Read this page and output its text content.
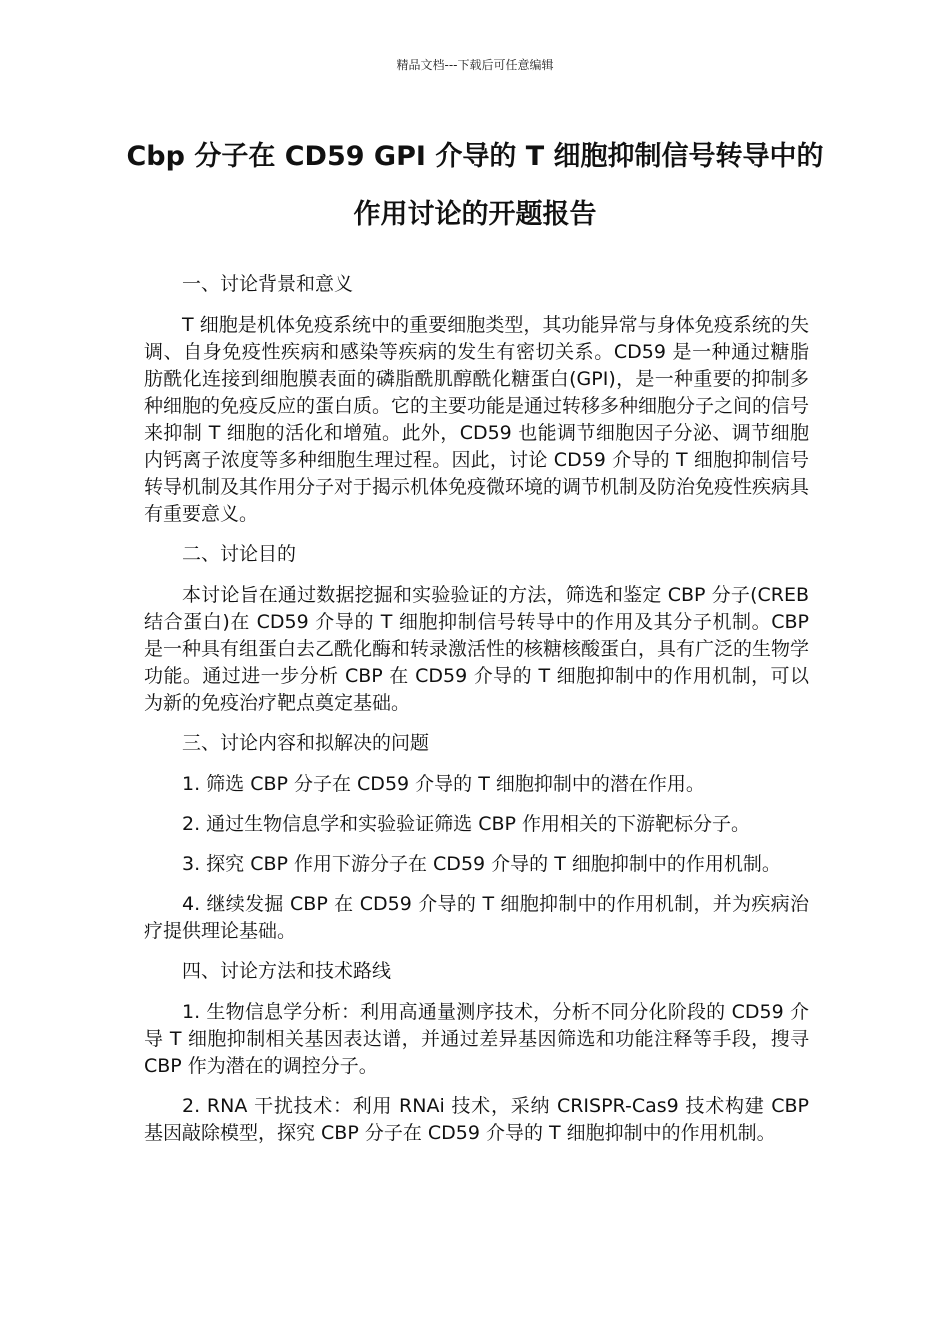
精品文档---下载后可任意编辑
Cbp 分子在 CD59 GPI 介导的 T 细胞抑制信号转导中的作用讨论的开题报告

一、讨论背景和意义

T 细胞是机体免疫系统中的重要细胞类型，其功能异常与身体免疫系统的失调、自身免疫性疾病和感染等疾病的发生有密切关系。CD59 是一种通过糖脂肪酰化连接到细胞膜表面的磷脂酰肌醇酰化糖蛋白(GPI)，是一种重要的抑制多种细胞的免疫反应的蛋白质。它的主要功能是通过转移多种细胞分子之间的信号来抑制 T 细胞的活化和增殖。此外，CD59 也能调节细胞因子分泌、调节细胞内钙离子浓度等多种细胞生理过程。因此，讨论 CD59 介导的 T 细胞抑制信号转导机制及其作用分子对于揭示机体免疫微环境的调节机制及防治免疫性疾病具有重要意义。

二、讨论目的

本讨论旨在通过数据挖掘和实验验证的方法，筛选和鉴定 CBP 分子(CREB 结合蛋白)在 CD59 介导的 T 细胞抑制信号转导中的作用及其分子机制。CBP 是一种具有组蛋白去乙酰化酶和转录激活性的核糖核酸蛋白，具有广泛的生物学功能。通过进一步分析 CBP 在 CD59 介导的 T 细胞抑制中的作用机制，可以为新的免疫治疗靶点奠定基础。

三、讨论内容和拟解决的问题

1. 筛选 CBP 分子在 CD59 介导的 T 细胞抑制中的潜在作用。

2. 通过生物信息学和实验验证筛选 CBP 作用相关的下游靶标分子。

3. 探究 CBP 作用下游分子在 CD59 介导的 T 细胞抑制中的作用机制。

4. 继续发掘 CBP 在 CD59 介导的 T 细胞抑制中的作用机制，并为疾病治疗提供理论基础。

四、讨论方法和技术路线

1. 生物信息学分析：利用高通量测序技术，分析不同分化阶段的 CD59 介导 T 细胞抑制相关基因表达谱，并通过差异基因筛选和功能注释等手段，搜寻 CBP 作为潜在的调控分子。

2. RNA 干扰技术：利用 RNAi 技术，采纳 CRISPR-Cas9 技术构建 CBP 基因敲除模型，探究 CBP 分子在 CD59 介导的 T 细胞抑制中的作用机制。
